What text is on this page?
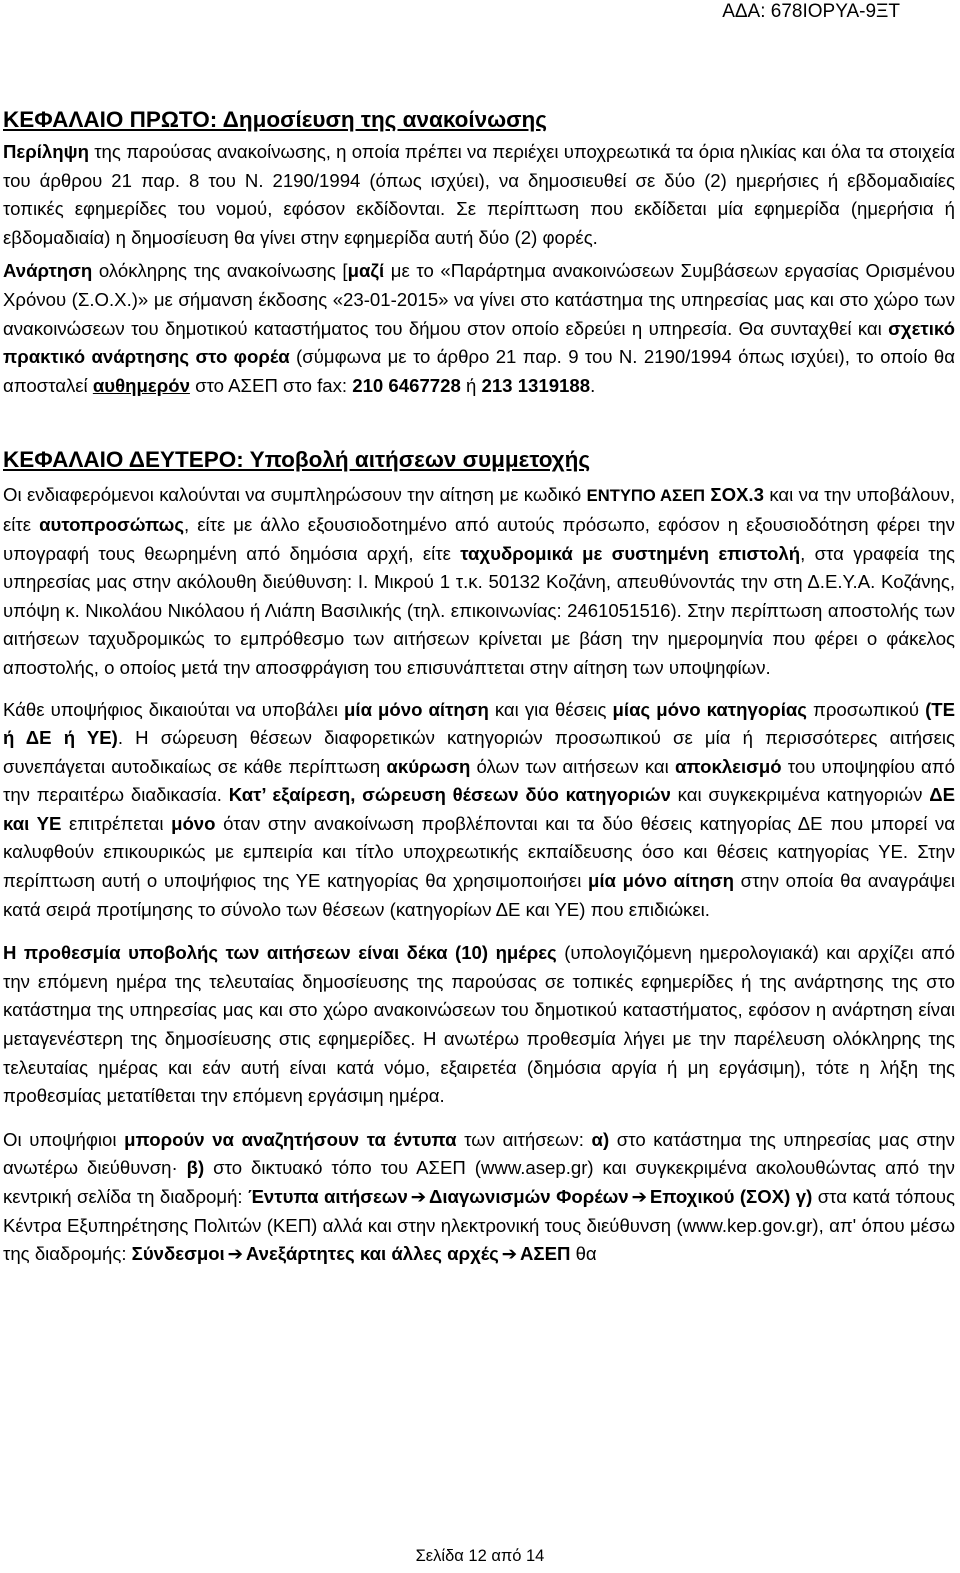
ΑΔΑ: 678ΙΟΡΥΑ-9ΞΤ
ΚΕΦΑΛΑΙΟ ΠΡΩΤΟ: Δημοσίευση της ανακοίνωσης

Περίληψη της παρούσας ανακοίνωσης, η οποία πρέπει να περιέχει υποχρεωτικά τα όρια ηλικίας και όλα τα στοιχεία του άρθρου 21 παρ. 8 του Ν. 2190/1994 (όπως ισχύει), να δημοσιευθεί σε δύο (2) ημερήσιες ή εβδομαδιαίες τοπικές εφημερίδες του νομού, εφόσον εκδίδονται. Σε περίπτωση που εκδίδεται μία εφημερίδα (ημερήσια ή εβδομαδιαία) η δημοσίευση θα γίνει στην εφημερίδα αυτή δύο (2) φορές.

Ανάρτηση ολόκληρης της ανακοίνωσης [μαζί με το «Παράρτημα ανακοινώσεων Συμβάσεων εργασίας Ορισμένου Χρόνου (Σ.Ο.Χ.)» με σήμανση έκδοσης «23-01-2015» να γίνει στο κατάστημα της υπηρεσίας μας και στο χώρο των ανακοινώσεων του δημοτικού καταστήματος του δήμου στον οποίο εδρεύει η υπηρεσία. Θα συνταχθεί και σχετικό πρακτικό ανάρτησης στο φορέα (σύμφωνα με το άρθρο 21 παρ. 9 του Ν. 2190/1994 όπως ισχύει), το οποίο θα αποσταλεί αυθημερόν στο ΑΣΕΠ στο fax: 210 6467728 ή 213 1319188.

ΚΕΦΑΛΑΙΟ ΔΕΥΤΕΡΟ: Υποβολή αιτήσεων συμμετοχής

Οι ενδιαφερόμενοι καλούνται να συμπληρώσουν την αίτηση με κωδικό ΕΝΤΥΠΟ ΑΣΕΠ ΣΟΧ.3 και να την υποβάλουν, είτε αυτοπροσώπως, είτε με άλλο εξουσιοδοτημένο από αυτούς πρόσωπο, εφόσον η εξουσιοδότηση φέρει την υπογραφή τους θεωρημένη από δημόσια αρχή, είτε ταχυδρομικά με συστημένη επιστολή, στα γραφεία της υπηρεσίας μας στην ακόλουθη διεύθυνση: Ι. Μικρού 1 τ.κ. 50132 Κοζάνη, απευθύνοντάς την στη Δ.Ε.Υ.Α. Κοζάνης, υπόψη κ. Νικολάου Νικόλαου ή Λιάπη Βασιλικής (τηλ. επικοινωνίας: 2461051516). Στην περίπτωση αποστολής των αιτήσεων ταχυδρομικώς το εμπρόθεσμο των αιτήσεων κρίνεται με βάση την ημερομηνία που φέρει ο φάκελος αποστολής, ο οποίος μετά την αποσφράγιση του επισυνάπτεται στην αίτηση των υποψηφίων.

Κάθε υποψήφιος δικαιούται να υποβάλει μία μόνο αίτηση και για θέσεις μίας μόνο κατηγορίας προσωπικού (ΤΕ ή ΔΕ ή ΥΕ). Η σώρευση θέσεων διαφορετικών κατηγοριών προσωπικού σε μία ή περισσότερες αιτήσεις συνεπάγεται αυτοδικαίως σε κάθε περίπτωση ακύρωση όλων των αιτήσεων και αποκλεισμό του υποψηφίου από την περαιτέρω διαδικασία. Κατ’ εξαίρεση, σώρευση θέσεων δύο κατηγοριών και συγκεκριμένα κατηγοριών ΔΕ και ΥΕ επιτρέπεται μόνο όταν στην ανακοίνωση προβλέπονται και τα δύο θέσεις κατηγορίας ΔΕ που μπορεί να καλυφθούν επικουρικώς με εμπειρία και τίτλο υποχρεωτικής εκπαίδευσης όσο και θέσεις κατηγορίας ΥΕ. Στην περίπτωση αυτή ο υποψήφιος της ΥΕ κατηγορίας θα χρησιμοποιήσει μία μόνο αίτηση στην οποία θα αναγράψει κατά σειρά προτίμησης το σύνολο των θέσεων (κατηγορίων ΔΕ και ΥΕ) που επιδιώκει.

Η προθεσμία υποβολής των αιτήσεων είναι δέκα (10) ημέρες (υπολογιζόμενη ημερολογιακά) και αρχίζει από την επόμενη ημέρα της τελευταίας δημοσίευσης της παρούσας σε τοπικές εφημερίδες ή της ανάρτησης της στο κατάστημα της υπηρεσίας μας και στο χώρο ανακοινώσεων του δημοτικού καταστήματος, εφόσον η ανάρτηση είναι μεταγενέστερη της δημοσίευσης στις εφημερίδες. Η ανωτέρω προθεσμία λήγει με την παρέλευση ολόκληρης της τελευταίας ημέρας και εάν αυτή είναι κατά νόμο, εξαιρετέα (δημόσια αργία ή μη εργάσιμη), τότε η λήξη της προθεσμίας μετατίθεται την επόμενη εργάσιμη ημέρα.

Οι υποψήφιοι μπορούν να αναζητήσουν τα έντυπα των αιτήσεων: α) στο κατάστημα της υπηρεσίας μας στην ανωτέρω διεύθυνση· β) στο δικτυακό τόπο του ΑΣΕΠ (www.asep.gr) και συγκεκριμένα ακολουθώντας από την κεντρική σελίδα τη διαδρομή: Έντυπα αιτήσεων ➔ Διαγωνισμών Φορέων ➔ Εποχικού (ΣΟΧ) γ) στα κατά τόπους Κέντρα Εξυπηρέτησης Πολιτών (ΚΕΠ) αλλά και στην ηλεκτρονική τους διεύθυνση (www.kep.gov.gr), απ' όπου μέσω της διαδρομής: Σύνδεσμοι ➔ Ανεξάρτητες και άλλες αρχές ➔ ΑΣΕΠ θα

Σελίδα 12 από 14
